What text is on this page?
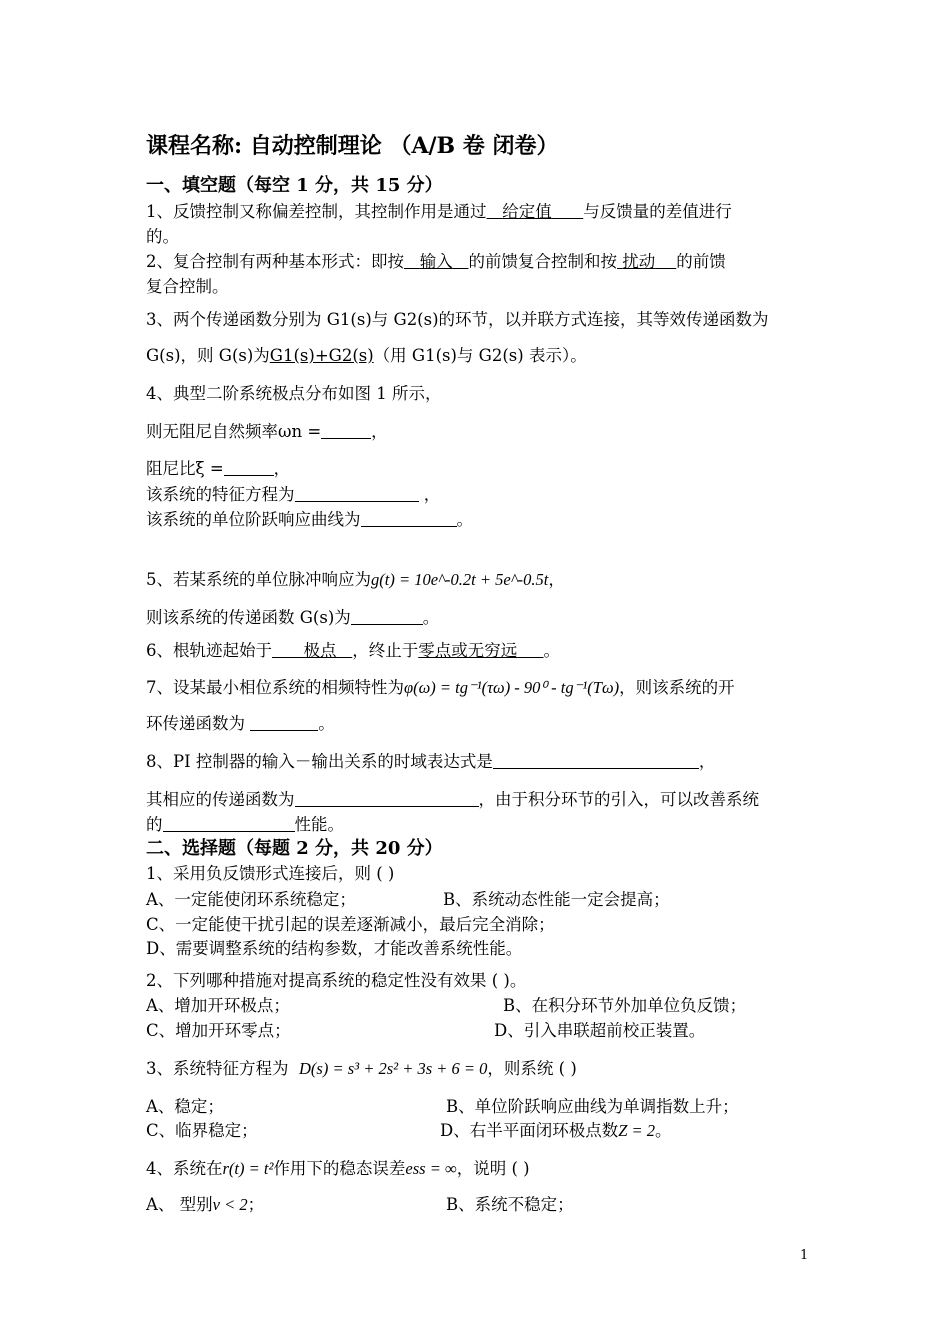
课程名称: 自动控制理论 （A/B 卷 闭卷）
一、填空题（每空 1 分，共 15 分）
1、反馈控制又称偏差控制，其控制作用是通过 给定值 与反馈量的差值进行
的。
2、复合控制有两种基本形式：即按 输入 的前馈复合控制和按 扰动 的前馈
复合控制。
3、两个传递函数分别为 G1(s)与 G2(s)的环节，以并联方式连接，其等效传递函数为
G(s)，则 G(s)为G1(s)+G2(s)（用 G1(s)与 G2(s) 表示）。
4、典型二阶系统极点分布如图 1 所示，
则无阻尼自然频率ωn =	，
阻尼比ξ =	，
该系统的特征方程为	，
该系统的单位阶跃响应曲线为	。
5、若某系统的单位脉冲响应为g(t) = 10e^-0.2t + 5e^-0.5t，
则该系统的传递函数 G(s)为	。
6、根轨迹起始于 极点 ，终止于零点或无穷远 。
7、设某最小相位系统的相频特性为φ(ω) = tg⁻¹(τω) - 90⁰ - tg⁻¹(Tω)，则该系统的开
环传递函数为	。
8、PI 控制器的输入－输出关系的时域表达式是	，
其相应的传递函数为	，由于积分环节的引入，可以改善系统
的	性能。
二、选择题（每题 2 分，共 20 分）
1、采用负反馈形式连接后，则 ( )
A、一定能使闭环系统稳定；	B、系统动态性能一定会提高；
C、一定能使干扰引起的误差逐渐减小，最后完全消除；
D、需要调整系统的结构参数，才能改善系统性能。
2、下列哪种措施对提高系统的稳定性没有效果 ( )。
A、增加开环极点；	B、在积分环节外加单位负反馈；
C、增加开环零点；	D、引入串联超前校正装置。
3、系统特征方程为 D(s) = s³ + 2s² + 3s + 6 = 0，则系统 ( )
A、稳定；	B、单位阶跃响应曲线为单调指数上升；
C、临界稳定；	D、右半平面闭环极点数Z = 2。
4、系统在r(t) = t²作用下的稳态误差ess = ∞，说明 ( )
A、 型别v < 2；	B、系统不稳定；
1
